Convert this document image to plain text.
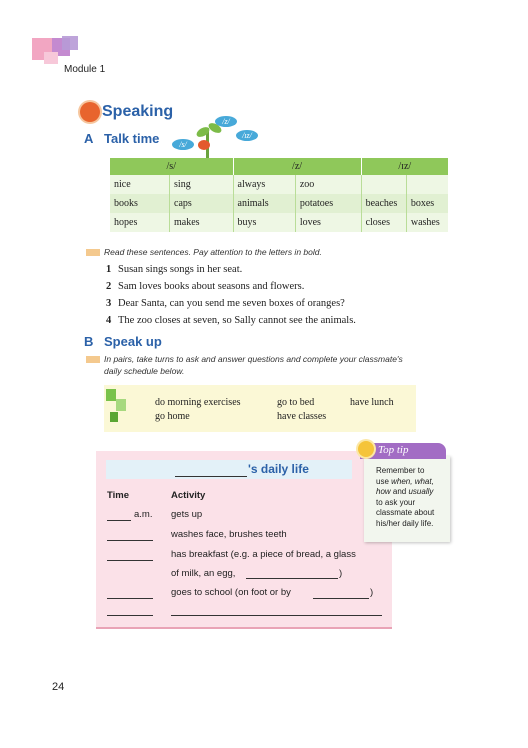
Module 1
Speaking
A Talk time	/s/
/z/
/ɪz/
/s/		/z/		/ɪz/	
nice	sing	always	zoo		
books	caps	animals	potatoes	beaches	boxes
hopes	makes	buys	loves	closes	washes
Read these sentences. Pay attention to the letters in bold.
1 Susan sings songs in her seat.
2 Sam loves books about seasons and flowers.
3 Dear Santa, can you send me seven boxes of oranges?
4 The zoo closes at seven, so Sally cannot see the animals.
B Speak up
In pairs, take turns to ask and answer questions and complete your classmate's
daily schedule below.
do morning exercises	go to bed	have lunch
go home	have classes
's daily life
Time	Activity
a.m. gets up
washes face, brushes teeth
has breakfast (e.g. a piece of bread, a glass
of milk, an egg,	)
goes to school (on foot or by	)
Top tip
Remember to
use when, what,
how and usually
to ask your
classmate about
his/her daily life.
24
